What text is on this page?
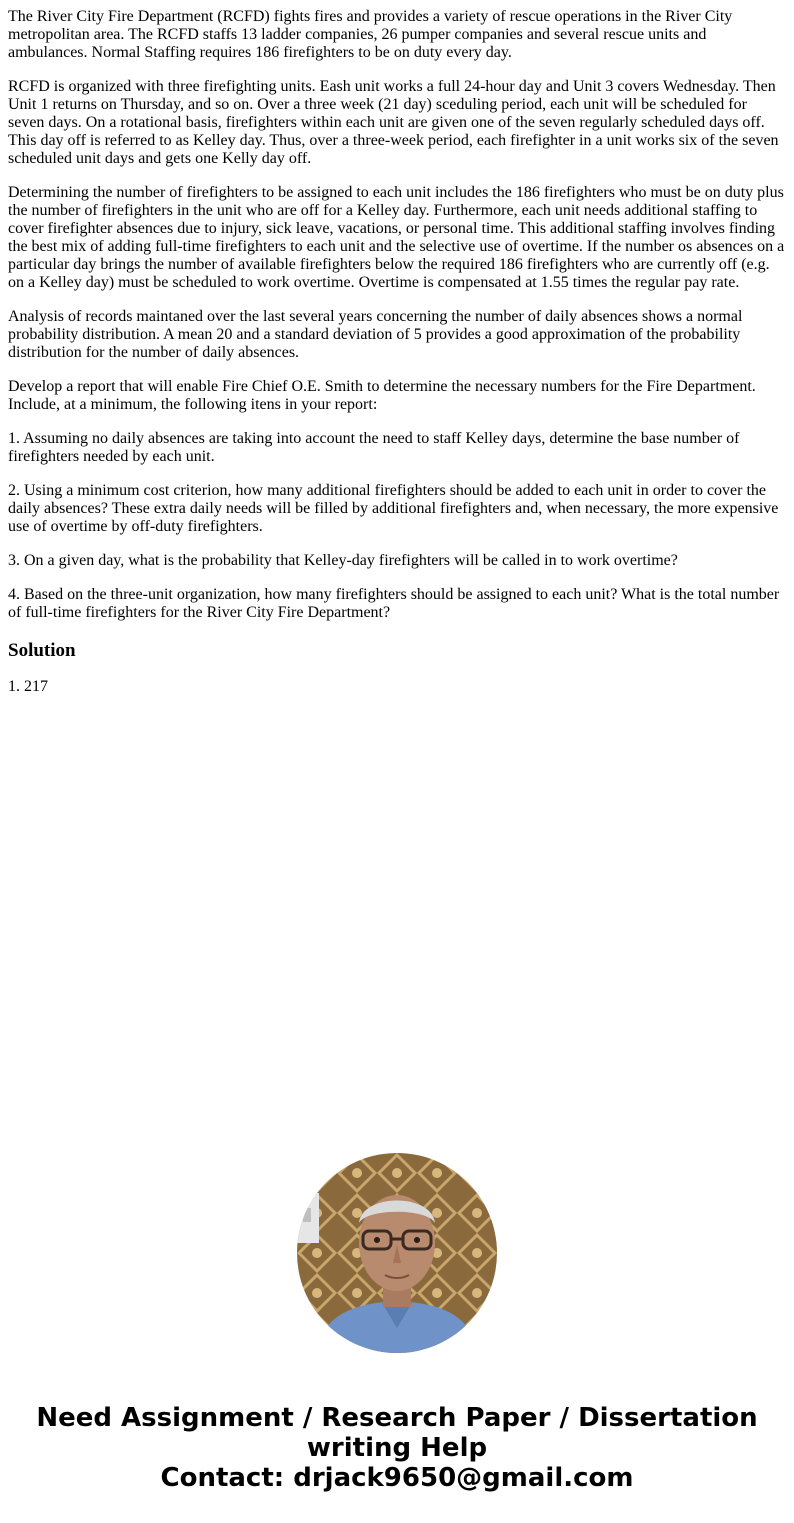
The River City Fire Department (RCFD) fights fires and provides a variety of rescue operations in the River City metropolitan area. The RCFD staffs 13 ladder companies, 26 pumper companies and several rescue units and ambulances. Normal Staffing requires 186 firefighters to be on duty every day.

RCFD is organized with three firefighting units. Eash unit works a full 24-hour day and Unit 3 covers Wednesday. Then Unit 1 returns on Thursday, and so on. Over a three week (21 day) sceduling period, each unit will be scheduled for seven days. On a rotational basis, firefighters within each unit are given one of the seven regularly scheduled days off. This day off is referred to as Kelley day. Thus, over a three-week period, each firefighter in a unit works six of the seven scheduled unit days and gets one Kelly day off.

Determining the number of firefighters to be assigned to each unit includes the 186 firefighters who must be on duty plus the number of firefighters in the unit who are off for a Kelley day. Furthermore, each unit needs additional staffing to cover firefighter absences due to injury, sick leave, vacations, or personal time. This additional staffing involves finding the best mix of adding full-time firefighters to each unit and the selective use of overtime. If the number os absences on a particular day brings the number of available firefighters below the required 186 firefighters who are currently off (e.g. on a Kelley day) must be scheduled to work overtime. Overtime is compensated at 1.55 times the regular pay rate.

Analysis of records maintaned over the last several years concerning the number of daily absences shows a normal probability distribution. A mean 20 and a standard deviation of 5 provides a good approximation of the probability distribution for the number of daily absences.

Develop a report that will enable Fire Chief O.E. Smith to determine the necessary numbers for the Fire Department. Include, at a minimum, the following itens in your report:

1. Assuming no daily absences are taking into account the need to staff Kelley days, determine the base number of firefighters needed by each unit.

2. Using a minimum cost criterion, how many additional firefighters should be added to each unit in order to cover the daily absences? These extra daily needs will be filled by additional firefighters and, when necessary, the more expensive use of overtime by off-duty firefighters.

3. On a given day, what is the probability that Kelley-day firefighters will be called in to work overtime?

4. Based on the three-unit organization, how many firefighters should be assigned to each unit? What is the total number of full-time firefighters for the River City Fire Department?

Solution

1. 217

Need Assignment / Research Paper / Dissertation
writing Help
Contact: drjack9650@gmail.com
